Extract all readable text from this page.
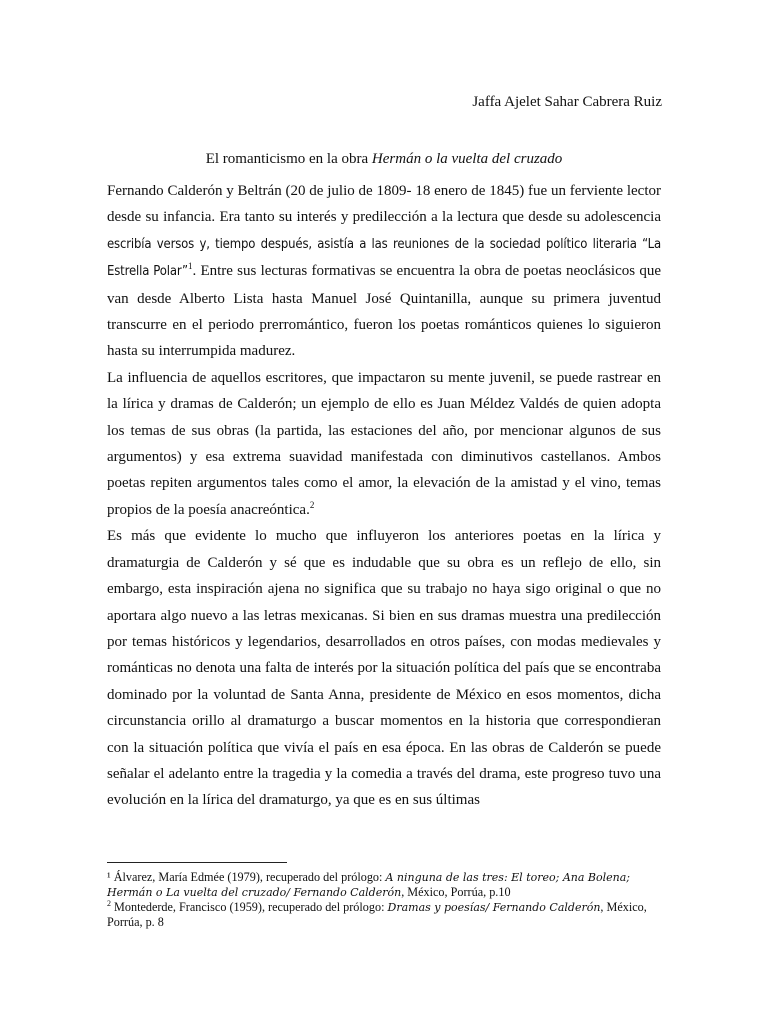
Jaffa Ajelet Sahar Cabrera Ruiz
El romanticismo en la obra Hermán o la vuelta del cruzado

Fernando Calderón y Beltrán (20 de julio de 1809- 18 enero de 1845) fue un ferviente lector desde su infancia. Era tanto su interés y predilección a la lectura que desde su adolescencia escribía versos y, tiempo después, asistía a las reuniones de la sociedad político literaria “La Estrella Polar”$^1$. Entre sus lecturas formativas se encuentra la obra de poetas neoclásicos que van desde Alberto Lista hasta Manuel José Quintanilla, aunque su primera juventud transcurre en el periodo prerromántico, fueron los poetas románticos quienes lo siguieron hasta su interrumpida madurez.

La influencia de aquellos escritores, que impactaron su mente juvenil, se puede rastrear en la lírica y dramas de Calderón; un ejemplo de ello es Juan Méldez Valdés de quien adopta los temas de sus obras (la partida, las estaciones del año, por mencionar algunos de sus argumentos) y esa extrema suavidad manifestada con diminutivos castellanos. Ambos poetas repiten argumentos tales como el amor, la elevación de la amistad y el vino, temas propios de la poesía anacreóntica.$^2$

Es más que evidente lo mucho que influyeron los anteriores poetas en la lírica y dramaturgia de Calderón y sé que es indudable que su obra es un reflejo de ello, sin embargo, esta inspiración ajena no significa que su trabajo no haya sigo original o que no aportara algo nuevo a las letras mexicanas. Si bien en sus dramas muestra una predilección por temas históricos y legendarios, desarrollados en otros países, con modas medievales y románticas no denota una falta de interés por la situación política del país que se encontraba dominado por la voluntad de Santa Anna, presidente de México en esos momentos, dicha circunstancia orillo al dramaturgo a buscar momentos en la historia que correspondieran con la situación política que vivía el país en esa época. En las obras de Calderón se puede señalar el adelanto entre la tragedia y la comedia a través del drama, este progreso tuvo una evolución en la lírica del dramaturgo, ya que es en sus últimas

¹ Álvarez, María Edmée (1979), recuperado del prólogo: A ninguna de las tres: El toreo; Ana Bolena; Hermán o La vuelta del cruzado/ Fernando Calderón, México, Porrúa, p.10

$^2$ Montederde, Francisco (1959), recuperado del prólogo: Dramas y poesías/ Fernando Calderón, México, Porrúa, p. 8
